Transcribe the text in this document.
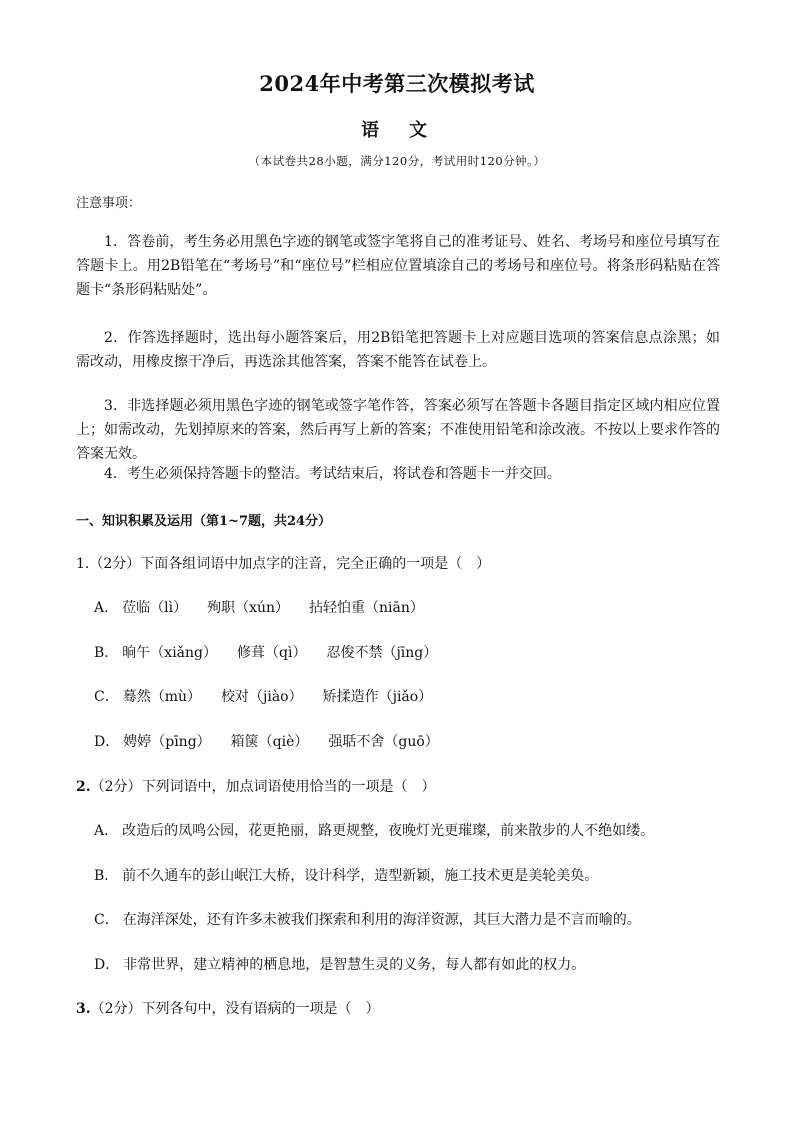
2024年中考第三次模拟考试
语　文
（本试卷共28小题，满分120分，考试用时120分钟。）
注意事项：
1．答卷前，考生务必用黑色字迹的钢笔或签字笔将自己的准考证号、姓名、考场号和座位号填写在答题卡上。用2B铅笔在“考场号”和“座位号”栏相应位置填涂自己的考场号和座位号。将条形码粘贴在答题卡“条形码粘贴处”。
2．作答选择题时，选出每小题答案后，用2B铅笔把答题卡上对应题目选项的答案信息点涂黑；如需改动，用橡皮擦干净后，再选涂其他答案，答案不能答在试卷上。
3．非选择题必须用黑色字迹的钢笔或签字笔作答，答案必须写在答题卡各题目指定区域内相应位置上；如需改动，先划掉原来的答案，然后再写上新的答案；不准使用铅笔和涂改液。不按以上要求作答的答案无效。
4．考生必须保持答题卡的整洁。考试结束后，将试卷和答题卡一并交回。
一、知识积累及运用（第1~7题，共24分）
1.（2分）下面各组词语中加点字的注音，完全正确的一项是（　）
A． 莅临（lì） 殉职（xún） 拈轻怕重（niān）
B． 晌午（xiǎng） 修葺（qì） 忍俊不禁（jīng）
C． 蓦然（mù） 校对（jiào） 矫揉造作（jiǎo）
D． 娉婷（pīng） 箱箧（qiè） 强聒不舍（guō）
2.（2分）下列词语中，加点词语使用恰当的一项是（　）
A． 改造后的凤鸣公园，花更艳丽，路更规整，夜晚灯光更璀璨，前来散步的人不绝如缕。
B． 前不久通车的彭山岷江大桥，设计科学，造型新颖，施工技术更是美轮美奂。
C． 在海洋深处，还有许多未被我们探索和利用的海洋资源，其巨大潜力是不言而喻的。
D． 非常世界，建立精神的栖息地，是智慧生灵的义务，每人都有如此的权力。
3.（2分）下列各句中，没有语病的一项是（　）
